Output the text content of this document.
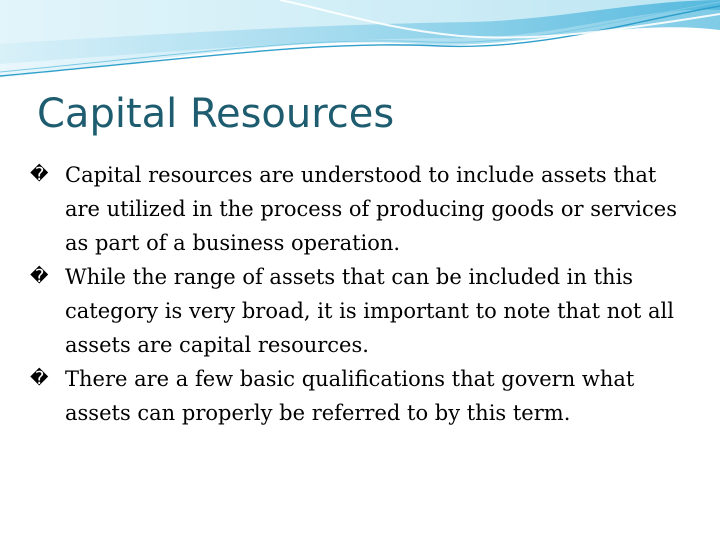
Capital Resources
� Capital resources are understood to include assets that are utilized in the process of producing goods or services as part of a business operation.
� While the range of assets that can be included in this category is very broad, it is important to note that not all assets are capital resources.
� There are a few basic qualifications that govern what assets can properly be referred to by this term.
